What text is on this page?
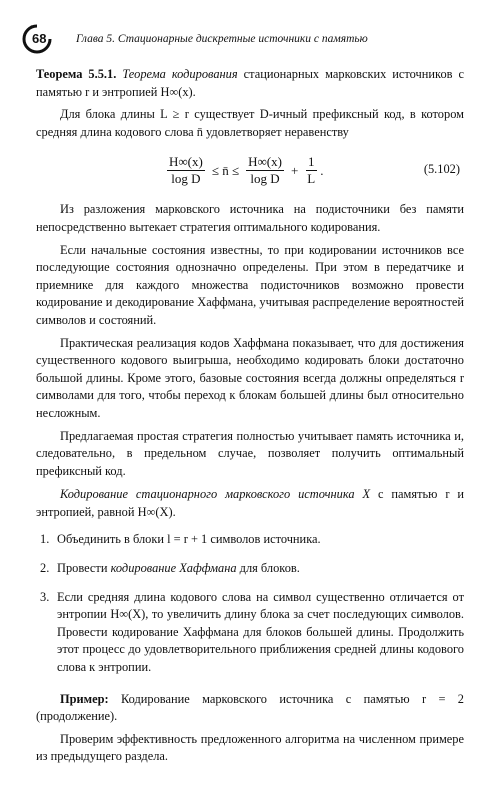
68	Глава 5. Стационарные дискретные источники с памятью

Теорема 5.5.1. Теорема кодирования стационарных марковских источников с памятью r и энтропией H∞(x).

Для блока длины L ≥ r существует D-ичный префиксный код, в котором средняя длина кодового слова n̄ удовлетворяет неравенству

$\frac{H\infty(x)}{\text{log D}}$ ≤ n̄ ≤ $\frac{H\infty(x)}{\text{log D}} + \frac{1}{L}$ .	(5.102)

Из разложения марковского источника на подисточники без памяти непосредственно вытекает стратегия оптимального кодирования.

Если начальные состояния известны, то при кодировании источников все последующие состояния однозначно определены. При этом в передатчике и приемнике для каждого множества подисточников возможно провести кодирование и декодирование Хаффмана, учитывая распределение вероятностей символов и состояний.

Практическая реализация кодов Хаффмана показывает, что для достижения существенного кодового выигрыша, необходимо кодировать блоки достаточно большой длины. Кроме этого, базовые состояния всегда должны определяться r символами для того, чтобы переход к блокам большей длины был относительно несложным.

Предлагаемая простая стратегия полностью учитывает память источника и, следовательно, в предельном случае, позволяет получить оптимальный префиксный код.

Кодирование стационарного марковского источника X с памятью r и энтропией, равной H∞(X).

1. Объединить в блоки l = r + 1 символов источника.
2. Провести кодирование Хаффмана для блоков.
3. Если средняя длина кодового слова на символ существенно отличается от энтропии H∞(X), то увеличить длину блока за счет последующих символов. Провести кодирование Хаффмана для блоков большей длины. Продолжить этот процесс до удовлетворительного приближения средней длины кодового слова к энтропии.

Пример: Кодирование марковского источника с памятью r = 2 (продолжение).

Проверим эффективность предложенного алгоритма на численном примере из предыдущего раздела.
